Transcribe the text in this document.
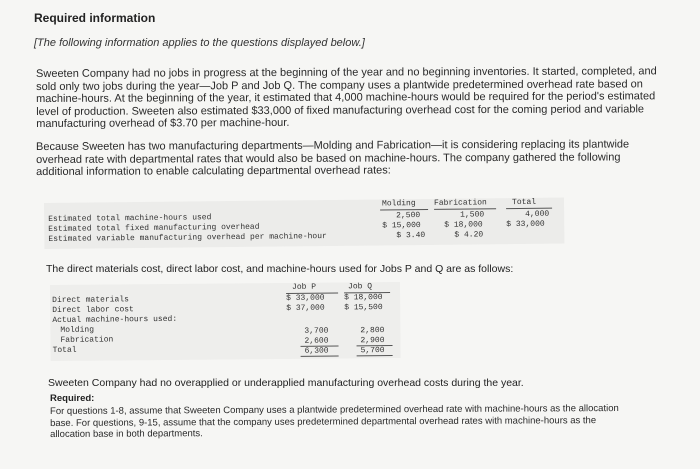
Required information
[The following information applies to the questions displayed below.]
Sweeten Company had no jobs in progress at the beginning of the year and no beginning inventories. It started, completed, and sold only two jobs during the year—Job P and Job Q. The company uses a plantwide predetermined overhead rate based on machine-hours. At the beginning of the year, it estimated that 4,000 machine-hours would be required for the period's estimated level of production. Sweeten also estimated $33,000 of fixed manufacturing overhead cost for the coming period and variable manufacturing overhead of $3.70 per machine-hour.
Because Sweeten has two manufacturing departments—Molding and Fabrication—it is considering replacing its plantwide overhead rate with departmental rates that would also be based on machine-hours. The company gathered the following additional information to enable calculating departmental overhead rates:
Molding Fabrication	Total
Estimated total machine-hours used	2,500	1,500	4,000
Estimated total fixed manufacturing overhead	$ 15,000	$ 18,000	$ 33,000
Estimated variable manufacturing overhead per machine-hour	$ 3.40	$ 4.20
The direct materials cost, direct labor cost, and machine-hours used for Jobs P and Q are as follows:
Job P	Job Q
Direct materials	$ 33,000 $ 18,000
Direct labor cost	$ 37,000 $ 15,500
Actual machine-hours used:
Molding	3,700	2,800
Fabrication	2,600	2,900
Total	6,300	5,700
Sweeten Company had no overapplied or underapplied manufacturing overhead costs during the year.
Required:
For questions 1-8, assume that Sweeten Company uses a plantwide predetermined overhead rate with machine-hours as the allocation base. For questions, 9-15, assume that the company uses predetermined departmental overhead rates with machine-hours as the allocation base in both departments.
